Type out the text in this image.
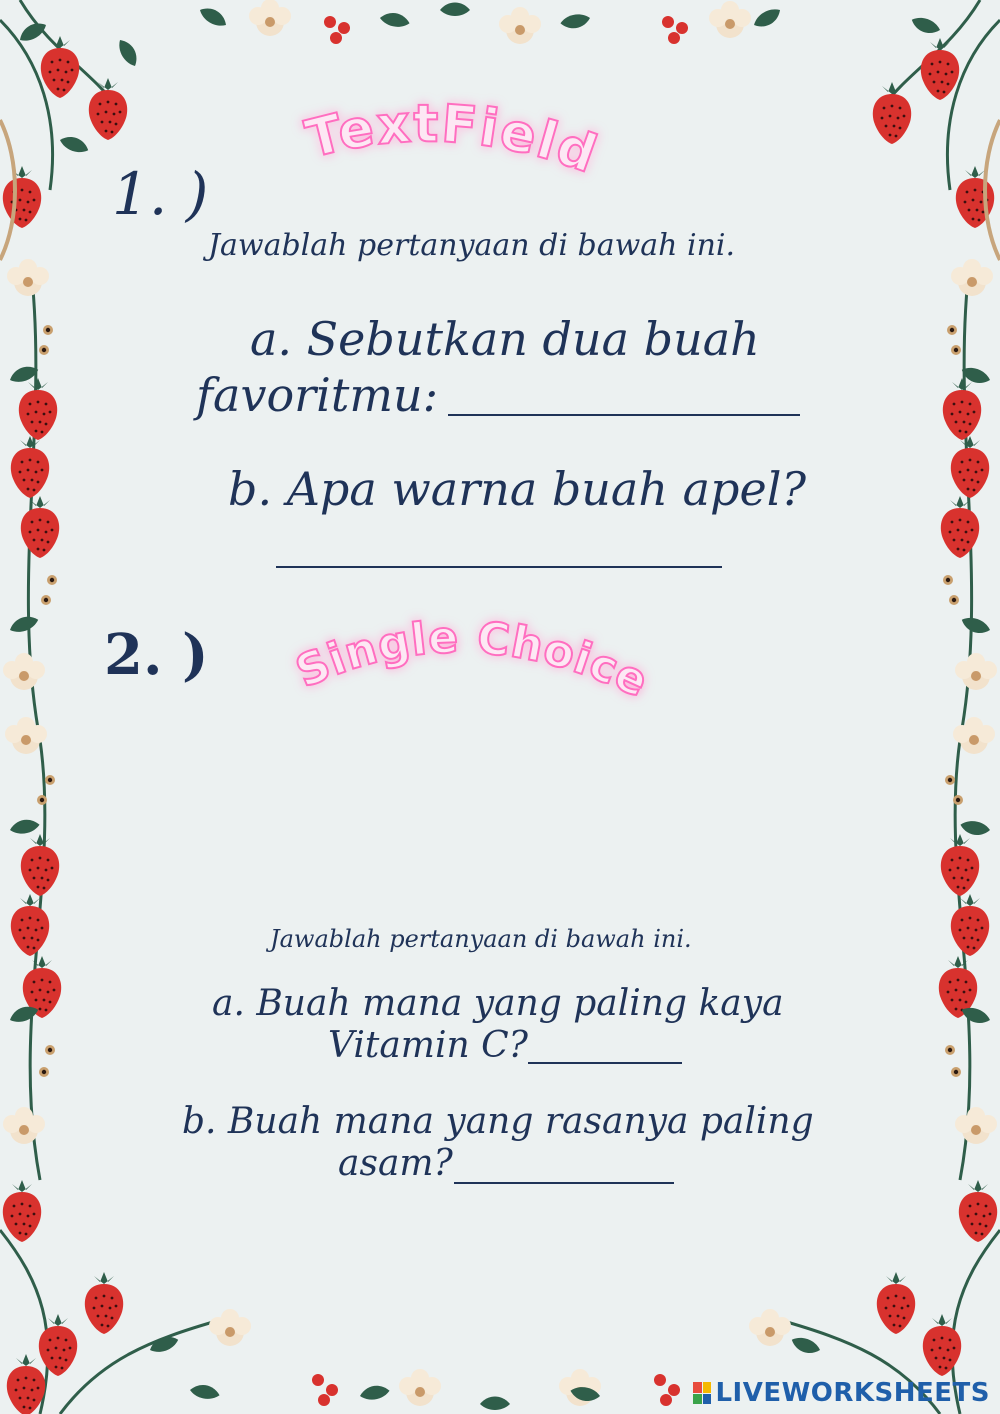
1. )
TextField
Jawablah pertanyaan di bawah ini.
a. Sebutkan dua buah
favoritmu:
b. Apa warna buah apel?
2. ) Single Choice
Jawablah pertanyaan di bawah ini.
a. Buah mana yang paling kaya
Vitamin C?
b. Buah mana yang rasanya paling
asam?
LIVEWORKSHEETS
